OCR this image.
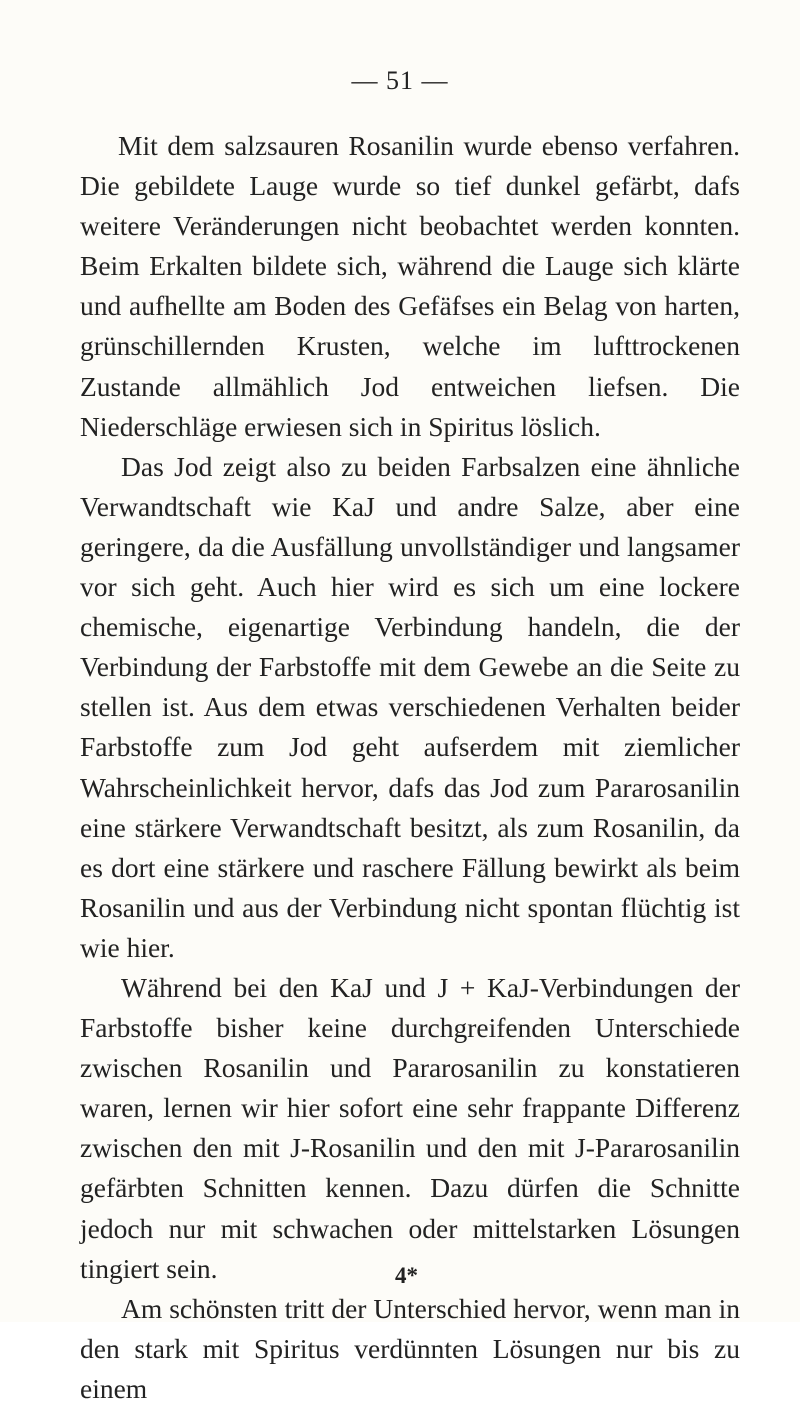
— 51 —

Mit dem salzsauren Rosanilin wurde ebenso verfahren. Die gebildete Lauge wurde so tief dunkel gefärbt, dafs weitere Veränderungen nicht beobachtet werden konnten. Beim Erkalten bildete sich, während die Lauge sich klärte und aufhellte am Boden des Gefäfses ein Belag von harten, grünschillernden Krusten, welche im lufttrockenen Zustande allmählich Jod entweichen liefsen. Die Niederschläge erwiesen sich in Spiritus löslich.

Das Jod zeigt also zu beiden Farbsalzen eine ähnliche Verwandtschaft wie KaJ und andre Salze, aber eine geringere, da die Ausfällung unvollständiger und langsamer vor sich geht. Auch hier wird es sich um eine lockere chemische, eigenartige Verbindung handeln, die der Verbindung der Farbstoffe mit dem Gewebe an die Seite zu stellen ist. Aus dem etwas verschiedenen Verhalten beider Farbstoffe zum Jod geht aufserdem mit ziemlicher Wahrscheinlichkeit hervor, dafs das Jod zum Pararosanilin eine stärkere Verwandtschaft besitzt, als zum Rosanilin, da es dort eine stärkere und raschere Fällung bewirkt als beim Rosanilin und aus der Verbindung nicht spontan flüchtig ist wie hier.

Während bei den KaJ und J + KaJ-Verbindungen der Farbstoffe bisher keine durchgreifenden Unterschiede zwischen Rosanilin und Pararosanilin zu konstatieren waren, lernen wir hier sofort eine sehr frappante Differenz zwischen den mit J-Rosanilin und den mit J-Pararosanilin gefärbten Schnitten kennen. Dazu dürfen die Schnitte jedoch nur mit schwachen oder mittelstarken Lösungen tingiert sein.

Am schönsten tritt der Unterschied hervor, wenn man in den stark mit Spiritus verdünnten Lösungen nur bis zu einem

4*
